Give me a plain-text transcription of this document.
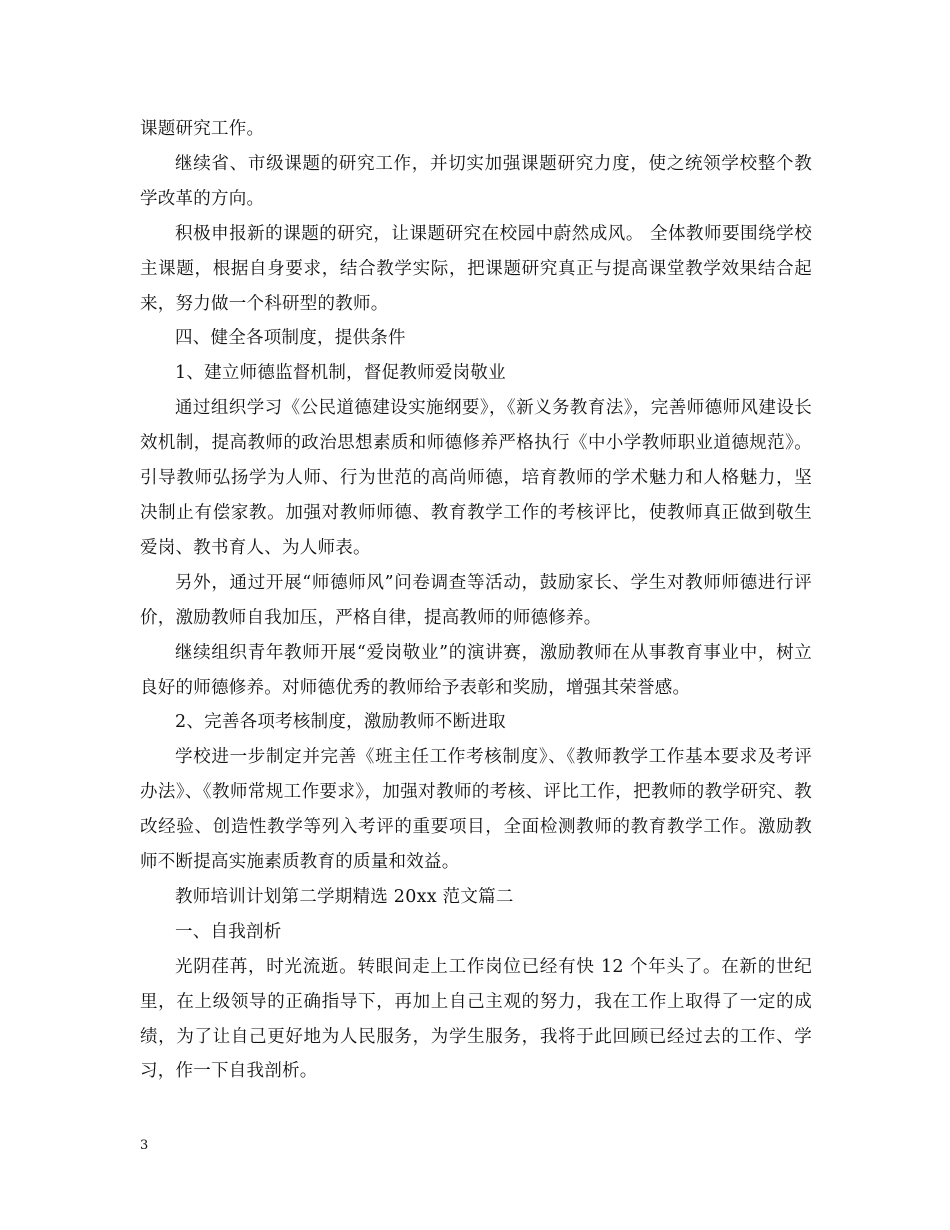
课题研究工作。

继续省、市级课题的研究工作，并切实加强课题研究力度，使之统领学校整个教学改革的方向。

积极申报新的课题的研究，让课题研究在校园中蔚然成风。 全体教师要围绕学校主课题，根据自身要求，结合教学实际，把课题研究真正与提高课堂教学效果结合起来，努力做一个科研型的教师。

四、健全各项制度，提供条件

1、建立师德监督机制，督促教师爱岗敬业

通过组织学习《公民道德建设实施纲要》，《新义务教育法》，完善师德师风建设长效机制，提高教师的政治思想素质和师德修养严格执行《中小学教师职业道德规范》。引导教师弘扬学为人师、行为世范的高尚师德，培育教师的学术魅力和人格魅力，坚决制止有偿家教。加强对教师师德、教育教学工作的考核评比，使教师真正做到敬生爱岗、教书育人、为人师表。

另外，通过开展“师德师风”问卷调查等活动，鼓励家长、学生对教师师德进行评价，激励教师自我加压，严格自律，提高教师的师德修养。

继续组织青年教师开展“爱岗敬业”的演讲赛，激励教师在从事教育事业中，树立良好的师德修养。对师德优秀的教师给予表彰和奖励，增强其荣誉感。

2、完善各项考核制度，激励教师不断进取

学校进一步制定并完善《班主任工作考核制度》、《教师教学工作基本要求及考评办法》、《教师常规工作要求》，加强对教师的考核、评比工作，把教师的教学研究、教改经验、创造性教学等列入考评的重要项目，全面检测教师的教育教学工作。激励教师不断提高实施素质教育的质量和效益。

教师培训计划第二学期精选 20xx 范文篇二

一、自我剖析

光阴荏苒，时光流逝。转眼间走上工作岗位已经有快 12 个年头了。在新的世纪里，在上级领导的正确指导下，再加上自己主观的努力，我在工作上取得了一定的成绩，为了让自己更好地为人民服务，为学生服务，我将于此回顾已经过去的工作、学习，作一下自我剖析。

3
